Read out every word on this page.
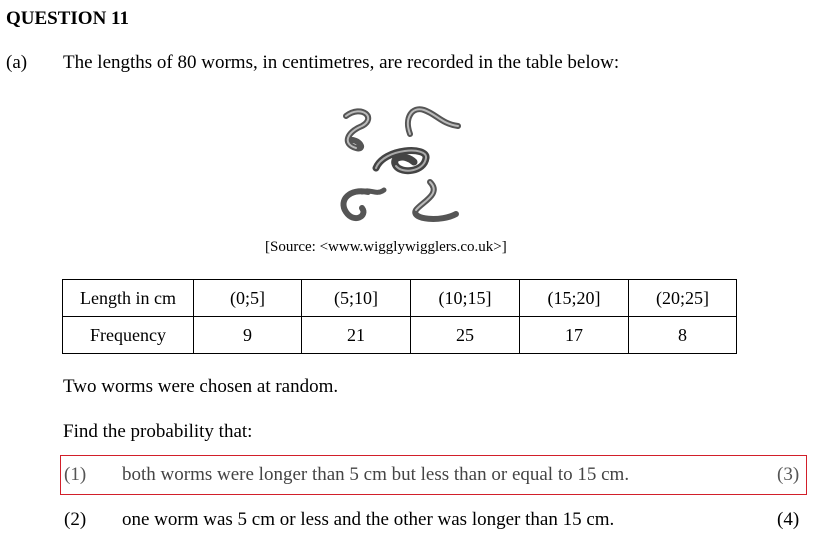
QUESTION 11
(a) The lengths of 80 worms, in centimetres, are recorded in the table below:
[Source: <www.wigglywigglers.co.uk>]
Length in cm	(0;5]	(5;10]	(10;15]	(15;20]	(20;25]
Frequency	9	21	25	17	8
Two worms were chosen at random.
Find the probability that:
(1) both worms were longer than 5 cm but less than or equal to 15 cm.	(3)
(2) one worm was 5 cm or less and the other was longer than 15 cm.	(4)
